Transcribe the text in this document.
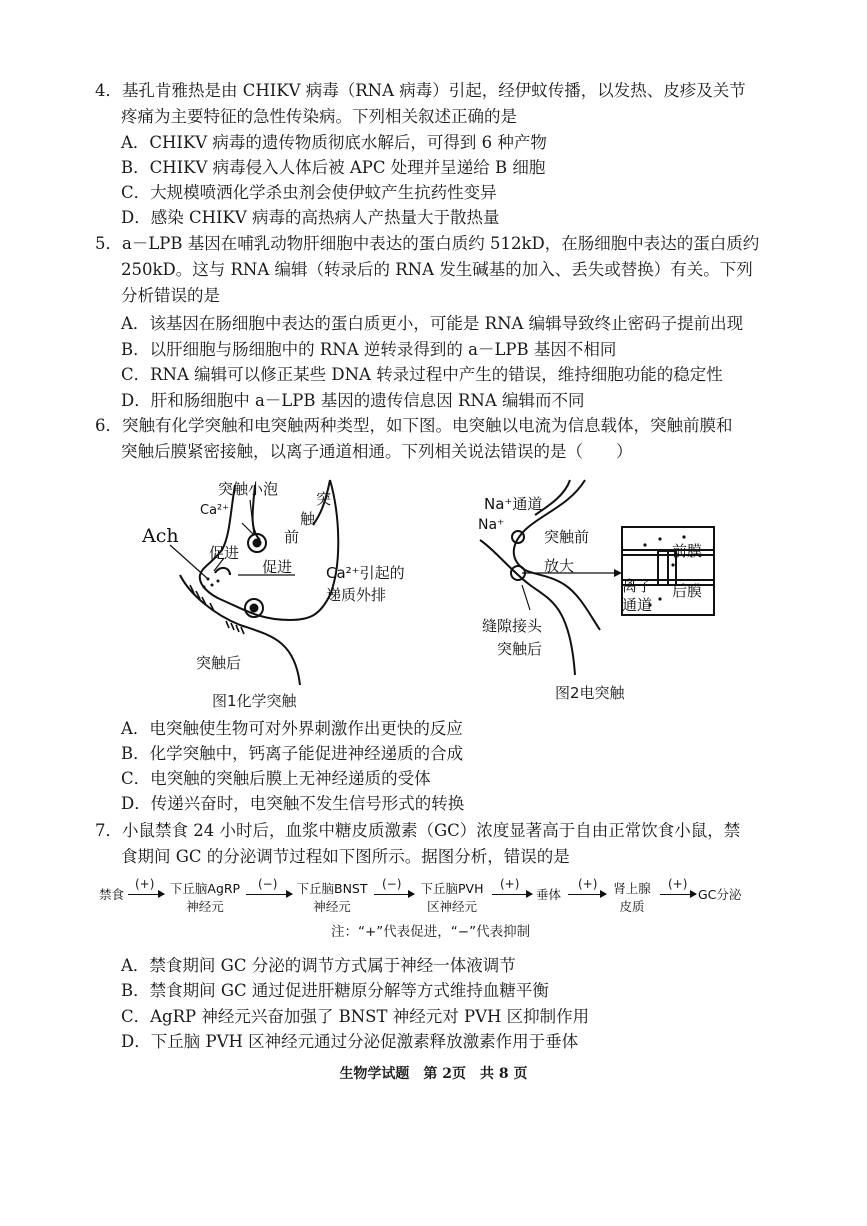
4．基孔肯雅热是由 CHIKV 病毒（RNA 病毒）引起，经伊蚊传播，以发热、皮疹及关节
疼痛为主要特征的急性传染病。下列相关叙述正确的是
A．CHIKV 病毒的遗传物质彻底水解后，可得到 6 种产物
B．CHIKV 病毒侵入人体后被 APC 处理并呈递给 B 细胞
C．大规模喷洒化学杀虫剂会使伊蚊产生抗药性变异
D．感染 CHIKV 病毒的高热病人产热量大于散热量
5．a－LPB 基因在哺乳动物肝细胞中表达的蛋白质约 512kD，在肠细胞中表达的蛋白质约
250kD。这与 RNA 编辑（转录后的 RNA 发生碱基的加入、丢失或替换）有关。下列
分析错误的是
A．该基因在肠细胞中表达的蛋白质更小，可能是 RNA 编辑导致终止密码子提前出现
B．以肝细胞与肠细胞中的 RNA 逆转录得到的 a－LPB 基因不相同
C．RNA 编辑可以修正某些 DNA 转录过程中产生的错误，维持细胞功能的稳定性
D．肝和肠细胞中 a－LPB 基因的遗传信息因 RNA 编辑而不同
6．突触有化学突触和电突触两种类型，如下图。电突触以电流为信息载体，突触前膜和
突触后膜紧密接触，以离子通道相通。下列相关说法错误的是（　　）
突触小泡
Ca²⁺
突
触
前
Ach
促进
促进 Ca²⁺引起的
递质外排
突触后
图1化学突触
Na⁺通道
Na⁺
突触前
放大
前膜
离子
通道
后膜
缝隙接头
突触后
图2电突触
A．电突触使生物可对外界刺激作出更快的反应
B．化学突触中，钙离子能促进神经递质的合成
C．电突触的突触后膜上无神经递质的受体
D．传递兴奋时，电突触不发生信号形式的转换
7．小鼠禁食 24 小时后，血浆中糖皮质激素（GC）浓度显著高于自由正常饮食小鼠，禁
食期间 GC 的分泌调节过程如下图所示。据图分析，错误的是
禁食
(+) 下丘脑AgRP
神经元
(−) 下丘脑BNST
神经元
(−)	下丘脑PVH
区神经元
(+)
垂体
(+)	肾上腺
皮质
(+)
GC分泌
注：“+”代表促进，“−”代表抑制
A．禁食期间 GC 分泌的调节方式属于神经一体液调节
B．禁食期间 GC 通过促进肝糖原分解等方式维持血糖平衡
C．AgRP 神经元兴奋加强了 BNST 神经元对 PVH 区抑制作用
D．下丘脑 PVH 区神经元通过分泌促激素释放激素作用于垂体
生物学试题　第 2页　共 8 页
